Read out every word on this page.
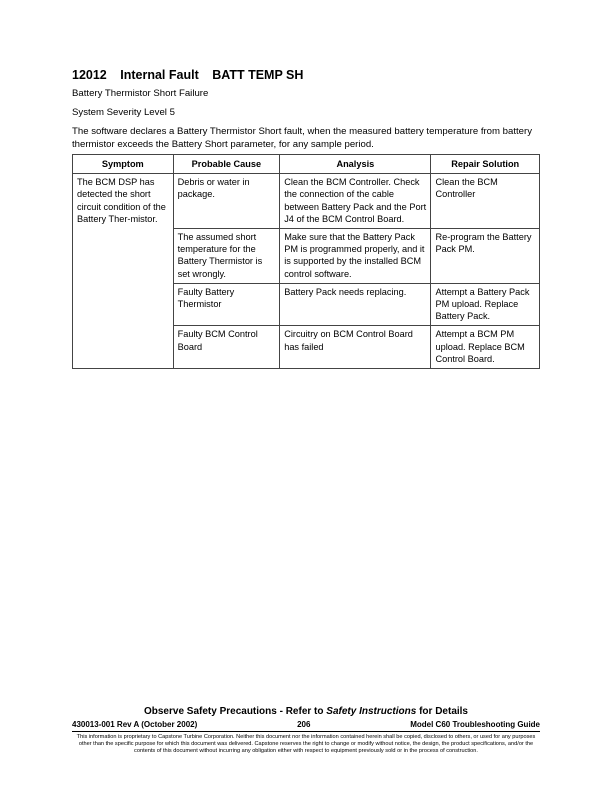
12012 Internal Fault BATT TEMP SH

Battery Thermistor Short Failure

System Severity Level 5

The software declares a Battery Thermistor Short fault, when the measured battery temperature from battery thermistor exceeds the Battery Short parameter, for any sample period.

Symptom	Probable Cause	Analysis	Repair Solution
The BCM DSP has detected the short circuit condition of the Battery Ther-mistor.	Debris or water in package.	Clean the BCM Controller. Check the connection of the cable between Battery Pack and the Port J4 of the BCM Control Board.	Clean the BCM Controller
	The assumed short temperature for the Battery Thermistor is set wrongly.	Make sure that the Battery Pack PM is programmed properly, and it is supported by the installed BCM control software.	Re-program the Battery Pack PM.
	Faulty Battery Thermistor	Battery Pack needs replacing.	Attempt a Battery Pack PM upload. Replace Battery Pack.
	Faulty BCM Control Board	Circuitry on BCM Control Board has failed	Attempt a BCM PM upload. Replace BCM Control Board.
Observe Safety Precautions - Refer to Safety Instructions for Details
430013-001 Rev A (October 2002)	206	Model C60 Troubleshooting Guide
This information is proprietary to Capstone Turbine Corporation. Neither this document nor the information contained herein shall be copied, disclosed to others, or used for any purposes other than the specific purpose for which this document was delivered. Capstone reserves the right to change or modify without notice, the design, the product specifications, and/or the contents of this document without incurring any obligation either with respect to equipment previously sold or in the process of construction.
